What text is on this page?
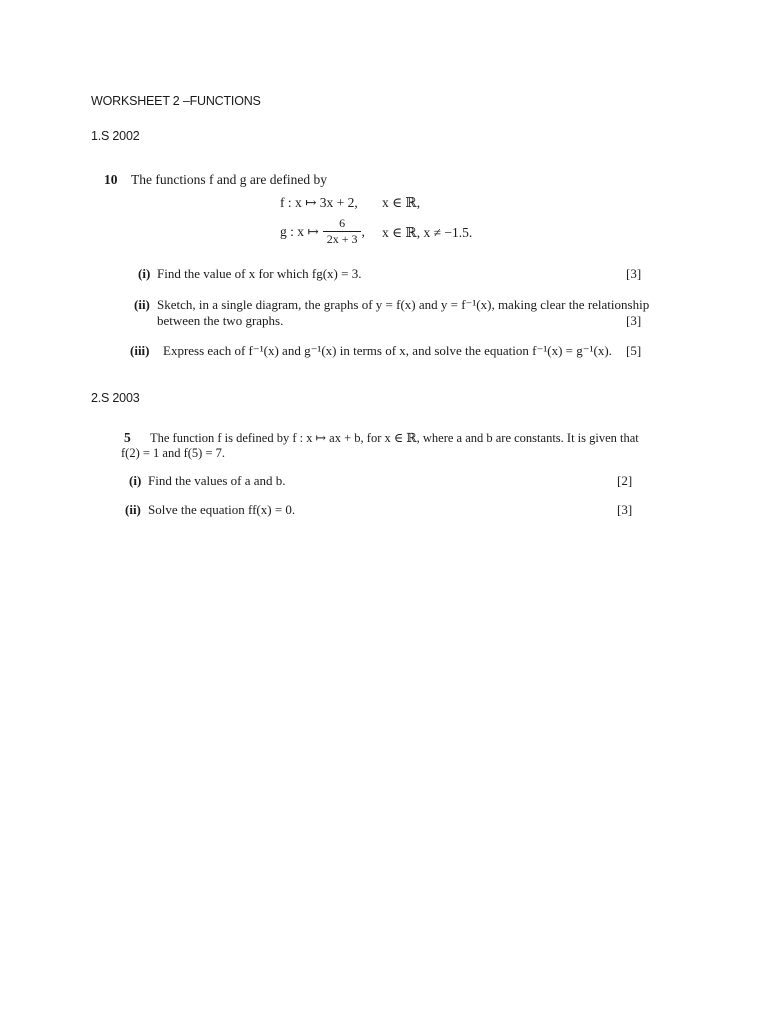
WORKSHEET 2 –FUNCTIONS
1.S 2002
10 The functions f and g are defined by
f : x ↦ 3x + 2, x ∈ ℝ,
g : x ↦ $\frac{6}{2x + 3}$ , x ∈ ℝ, x ≠ −1.5.
(i) Find the value of x for which fg(x) = 3.	[3]
(ii) Sketch, in a single diagram, the graphs of y = f(x) and y = f⁻¹(x), making clear the relationship
between the two graphs.	[3]
(iii) Express each of f⁻¹(x) and g⁻¹(x) in terms of x, and solve the equation f⁻¹(x) = g⁻¹(x). [5]
2.S 2003
5 The function f is defined by f : x ↦ ax + b, for x ∈ ℝ, where a and b are constants. It is given that
f(2) = 1 and f(5) = 7.
(i) Find the values of a and b.	[2]
(ii) Solve the equation ff(x) = 0.	[3]
